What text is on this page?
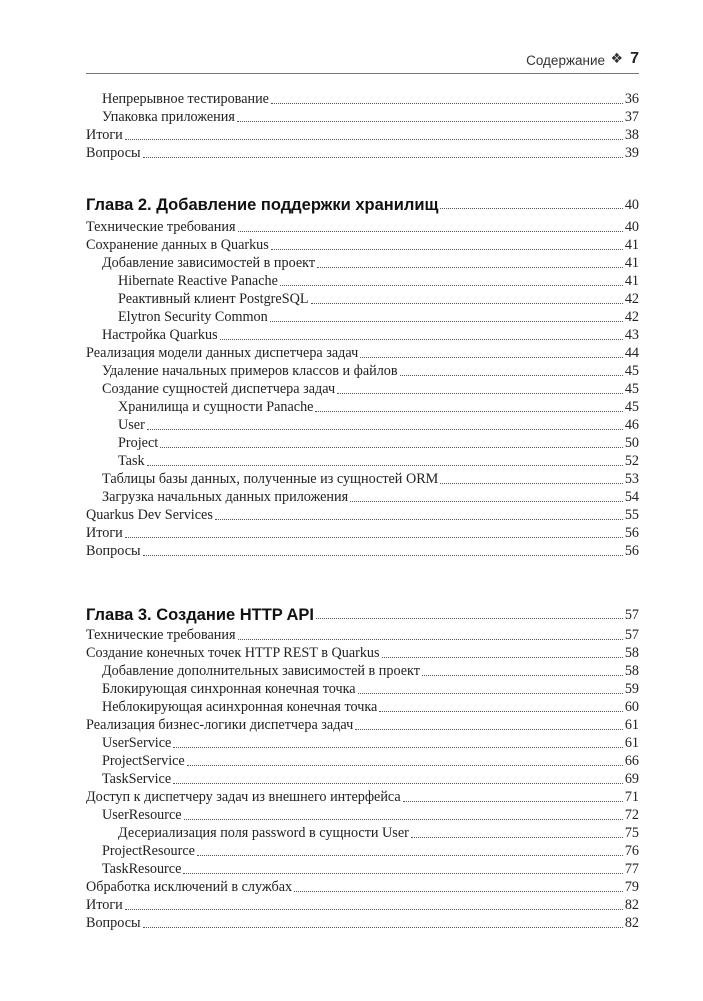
Содержание ❖ 7
Непрерывное тестирование	36
Упаковка приложения	37
Итоги	38
Вопросы	39
Глава 2. Добавление поддержки хранилищ	40
Технические требования	40
Сохранение данных в Quarkus	41
Добавление зависимостей в проект	41
Hibernate Reactive Panache	41
Реактивный клиент PostgreSQL	42
Elytron Security Common	42
Настройка Quarkus	43
Реализация модели данных диспетчера задач	44
Удаление начальных примеров классов и файлов	45
Создание сущностей диспетчера задач	45
Хранилища и сущности Panache	45
User	46
Project	50
Task	52
Таблицы базы данных, полученные из сущностей ORM	53
Загрузка начальных данных приложения	54
Quarkus Dev Services	55
Итоги	56
Вопросы	56
Глава 3. Создание HTTP API	57
Технические требования	57
Создание конечных точек HTTP REST в Quarkus	58
Добавление дополнительных зависимостей в проект	58
Блокирующая синхронная конечная точка	59
Неблокирующая асинхронная конечная точка	60
Реализация бизнес-логики диспетчера задач	61
UserService	61
ProjectService	66
TaskService	69
Доступ к диспетчеру задач из внешнего интерфейса	71
UserResource	72
Десериализация поля password в сущности User	75
ProjectResource	76
TaskResource	77
Обработка исключений в службах	79
Итоги	82
Вопросы	82
